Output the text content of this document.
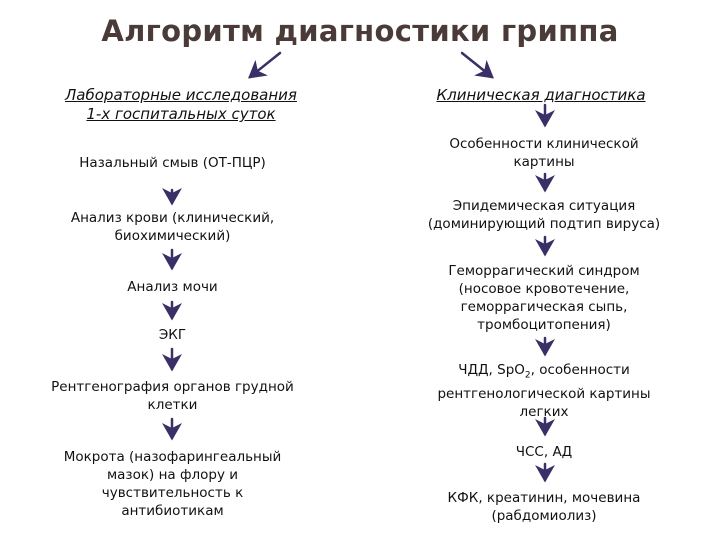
Алгоритм диагностики гриппа
Лабораторные исследования
1-х госпитальных суток
Клиническая диагностика
Назальный смыв (ОТ-ПЦР)
Анализ крови (клинический,
биохимический)
Анализ мочи
ЭКГ
Рентгенография органов грудной
клетки
Мокрота (назофарингеальный
мазок) на флору и
чувствительность к
антибиотикам
Особенности клинической
картины
Эпидемическая ситуация
(доминирующий подтип вируса)
Геморрагический синдром
(носовое кровотечение,
геморрагическая сыпь,
тромбоцитопения)
ЧДД, SpO$_2$, особенности
рентгенологической картины
легких
ЧСС, АД
КФК, креатинин, мочевина
(рабдомиолиз)
